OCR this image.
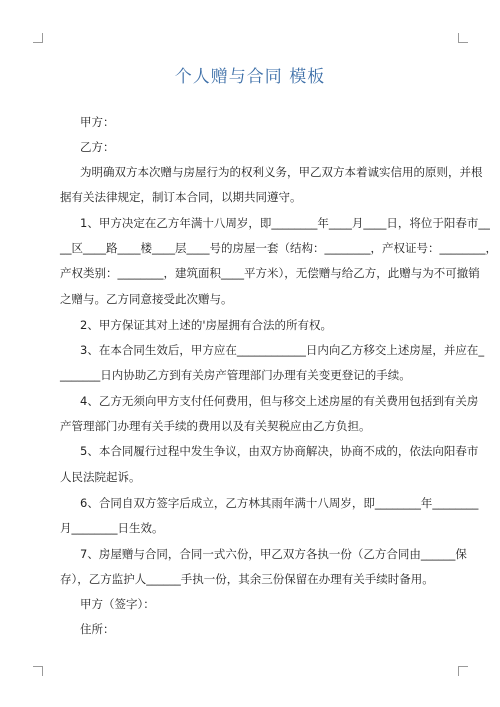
个人赠与合同 模板
甲方：
乙方：
为明确双方本次赠与房屋行为的权利义务，甲乙双方本着诚实信用的原则，并根
据有关法律规定，制订本合同，以期共同遵守。
1、甲方决定在乙方年满十八周岁，即________年____月____日，将位于阳春市__
__区____路____楼____层____号的房屋一套（结构：________，产权证号：________，
产权类别：________，建筑面积____平方米），无偿赠与给乙方，此赠与为不可撤销
之赠与。乙方同意接受此次赠与。
2、甲方保证其对上述的'房屋拥有合法的所有权。
3、在本合同生效后，甲方应在____________日内向乙方移交上述房屋，并应在_
_______日内协助乙方到有关房产管理部门办理有关变更登记的手续。
4、乙方无须向甲方支付任何费用，但与移交上述房屋的有关费用包括到有关房
产管理部门办理有关手续的费用以及有关契税应由乙方负担。
5、本合同履行过程中发生争议，由双方协商解决，协商不成的，依法向阳春市
人民法院起诉。
6、合同自双方签字后成立，乙方林其雨年满十八周岁，即________年________
月________日生效。
7、房屋赠与合同，合同一式六份，甲乙双方各执一份（乙方合同由______保
存），乙方监护人______手执一份，其余三份保留在办理有关手续时备用。
甲方（签字）：
住所：
